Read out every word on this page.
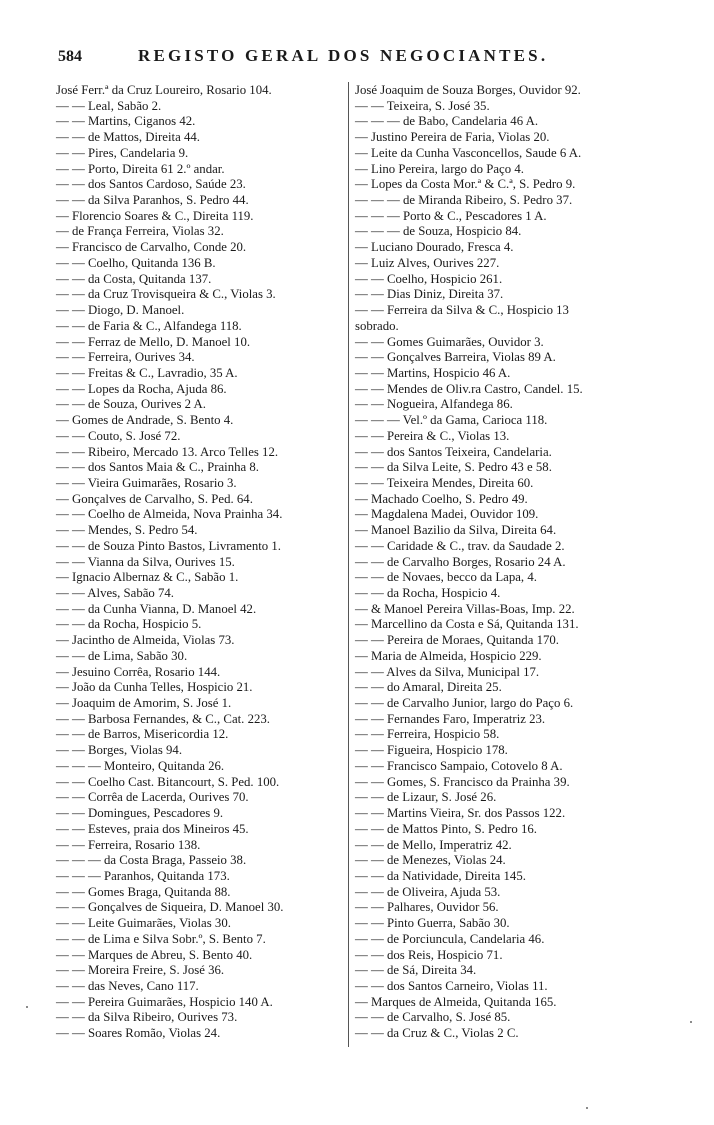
584	REGISTO GERAL DOS NEGOCIANTES.
José Ferr.ª da Cruz Loureiro, Rosario 104.
— — Leal, Sabão 2.
— — Martins, Ciganos 42.
— — de Mattos, Direita 44.
— — Pires, Candelaria 9.
— — Porto, Direita 61 2.º andar.
— — dos Santos Cardoso, Saúde 23.
— — da Silva Paranhos, S. Pedro 44.
— Florencio Soares & C., Direita 119.
— de França Ferreira, Violas 32.
— Francisco de Carvalho, Conde 20.
— — Coelho, Quitanda 136 B.
— — da Costa, Quitanda 137.
— — da Cruz Trovisqueira & C., Violas 3.
— — Diogo, D. Manoel.
— — de Faria & C., Alfandega 118.
— — Ferraz de Mello, D. Manoel 10.
— — Ferreira, Ourives 34.
— — Freitas & C., Lavradio, 35 A.
— — Lopes da Rocha, Ajuda 86.
— — de Souza, Ourives 2 A.
— Gomes de Andrade, S. Bento 4.
— — Couto, S. José 72.
— — Ribeiro, Mercado 13. Arco Telles 12.
— — dos Santos Maia & C., Prainha 8.
— — Vieira Guimarães, Rosario 3.
— Gonçalves de Carvalho, S. Ped. 64.
— — Coelho de Almeida, Nova Prainha 34.
— — Mendes, S. Pedro 54.
— — de Souza Pinto Bastos, Livramento 1.
— — Vianna da Silva, Ourives 15.
— Ignacio Albernaz & C., Sabão 1.
— — Alves, Sabão 74.
— — da Cunha Vianna, D. Manoel 42.
— — da Rocha, Hospicio 5.
— Jacintho de Almeida, Violas 73.
— — de Lima, Sabão 30.
— Jesuino Corrêa, Rosario 144.
— João da Cunha Telles, Hospicio 21.
— Joaquim de Amorim, S. José 1.
— — Barbosa Fernandes, & C., Cat. 223.
— — de Barros, Misericordia 12.
— — Borges, Violas 94.
— — — Monteiro, Quitanda 26.
— — Coelho Cast. Bitancourt, S. Ped. 100.
— — Corrêa de Lacerda, Ourives 70.
— — Domingues, Pescadores 9.
— — Esteves, praia dos Mineiros 45.
— — Ferreira, Rosario 138.
— — — da Costa Braga, Passeio 38.
— — — Paranhos, Quitanda 173.
— — Gomes Braga, Quitanda 88.
— — Gonçalves de Siqueira, D. Manoel 30.
— — Leite Guimarães, Violas 30.
— — de Lima e Silva Sobr.º, S. Bento 7.
— — Marques de Abreu, S. Bento 40.
— — Moreira Freire, S. José 36.
— — das Neves, Cano 117.
— — Pereira Guimarães, Hospicio 140 A.
— — da Silva Ribeiro, Ourives 73.
— — Soares Romão, Violas 24.
José Joaquim de Souza Borges, Ouvidor 92.
— — Teixeira, S. José 35.
— — — de Babo, Candelaria 46 A.
— Justino Pereira de Faria, Violas 20.
— Leite da Cunha Vasconcellos, Saude 6 A.
— Lino Pereira, largo do Paço 4.
— Lopes da Costa Mor.ª & C.ª, S. Pedro 9.
— — — de Miranda Ribeiro, S. Pedro 37.
— — — Porto & C., Pescadores 1 A.
— — — de Souza, Hospicio 84.
— Luciano Dourado, Fresca 4.
— Luiz Alves, Ourives 227.
— — Coelho, Hospicio 261.
— — Dias Diniz, Direita 37.
— — Ferreira da Silva & C., Hospicio 13
sobrado.
— — Gomes Guimarães, Ouvidor 3.
— — Gonçalves Barreira, Violas 89 A.
— — Martins, Hospicio 46 A.
— — Mendes de Oliv.ra Castro, Candel. 15.
— — Nogueira, Alfandega 86.
— — — Vel.º da Gama, Carioca 118.
— — Pereira & C., Violas 13.
— — dos Santos Teixeira, Candelaria.
— — da Silva Leite, S. Pedro 43 e 58.
— — Teixeira Mendes, Direita 60.
— Machado Coelho, S. Pedro 49.
— Magdalena Madei, Ouvidor 109.
— Manoel Bazilio da Silva, Direita 64.
— — Caridade & C., trav. da Saudade 2.
— — de Carvalho Borges, Rosario 24 A.
— — de Novaes, becco da Lapa, 4.
— — da Rocha, Hospicio 4.
— & Manoel Pereira Villas-Boas, Imp. 22.
— Marcellino da Costa e Sá, Quitanda 131.
— — Pereira de Moraes, Quitanda 170.
— Maria de Almeida, Hospicio 229.
— — Alves da Silva, Municipal 17.
— — do Amaral, Direita 25.
— — de Carvalho Junior, largo do Paço 6.
— — Fernandes Faro, Imperatriz 23.
— — Ferreira, Hospicio 58.
— — Figueira, Hospicio 178.
— — Francisco Sampaio, Cotovelo 8 A.
— — Gomes, S. Francisco da Prainha 39.
— — de Lizaur, S. José 26.
— — Martins Vieira, Sr. dos Passos 122.
— — de Mattos Pinto, S. Pedro 16.
— — de Mello, Imperatriz 42.
— — de Menezes, Violas 24.
— — da Natividade, Direita 145.
— — de Oliveira, Ajuda 53.
— — Palhares, Ouvidor 56.
— — Pinto Guerra, Sabão 30.
— — de Porciuncula, Candelaria 46.
— — dos Reis, Hospicio 71.
— — de Sá, Direita 34.
— — dos Santos Carneiro, Violas 11.
— Marques de Almeida, Quitanda 165.
— — de Carvalho, S. José 85.
— — da Cruz & C., Violas 2 C.
